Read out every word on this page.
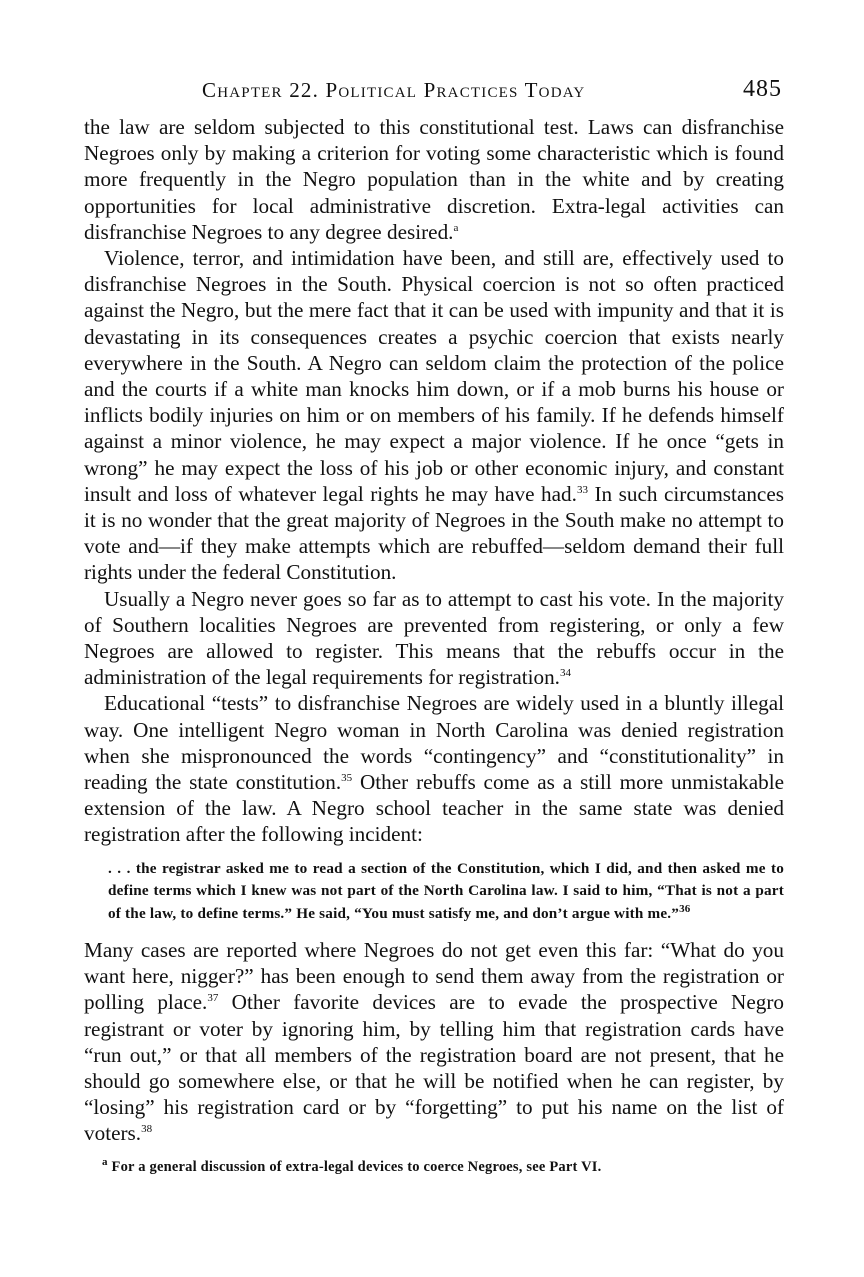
Chapter 22. Political Practices Today	485

the law are seldom subjected to this constitutional test. Laws can disfranchise Negroes only by making a criterion for voting some characteristic which is found more frequently in the Negro population than in the white and by creating opportunities for local administrative discretion. Extra-legal activities can disfranchise Negroes to any degree desired.$^a$

Violence, terror, and intimidation have been, and still are, effectively used to disfranchise Negroes in the South. Physical coercion is not so often practiced against the Negro, but the mere fact that it can be used with impunity and that it is devastating in its consequences creates a psychic coercion that exists nearly everywhere in the South. A Negro can seldom claim the protection of the police and the courts if a white man knocks him down, or if a mob burns his house or inflicts bodily injuries on him or on members of his family. If he defends himself against a minor violence, he may expect a major violence. If he once “gets in wrong” he may expect the loss of his job or other economic injury, and constant insult and loss of whatever legal rights he may have had.$^{33}$ In such circumstances it is no wonder that the great majority of Negroes in the South make no attempt to vote and—if they make attempts which are rebuffed—seldom demand their full rights under the federal Constitution.

Usually a Negro never goes so far as to attempt to cast his vote. In the majority of Southern localities Negroes are prevented from registering, or only a few Negroes are allowed to register. This means that the rebuffs occur in the administration of the legal requirements for registration.$^{34}$

Educational “tests” to disfranchise Negroes are widely used in a bluntly illegal way. One intelligent Negro woman in North Carolina was denied registration when she mispronounced the words “contingency” and “constitutionality” in reading the state constitution.$^{35}$ Other rebuffs come as a still more unmistakable extension of the law. A Negro school teacher in the same state was denied registration after the following incident:

. . . the registrar asked me to read a section of the Constitution, which I did, and then asked me to define terms which I knew was not part of the North Carolina law. I said to him, “That is not a part of the law, to define terms.” He said, “You must satisfy me, and don’t argue with me.”$^{36}$

Many cases are reported where Negroes do not get even this far: “What do you want here, nigger?” has been enough to send them away from the registration or polling place.$^{37}$ Other favorite devices are to evade the prospective Negro registrant or voter by ignoring him, by telling him that registration cards have “run out,” or that all members of the registration board are not present, that he should go somewhere else, or that he will be notified when he can register, by “losing” his registration card or by “forgetting” to put his name on the list of voters.$^{38}$

$^a$ For a general discussion of extra-legal devices to coerce Negroes, see Part VI.
